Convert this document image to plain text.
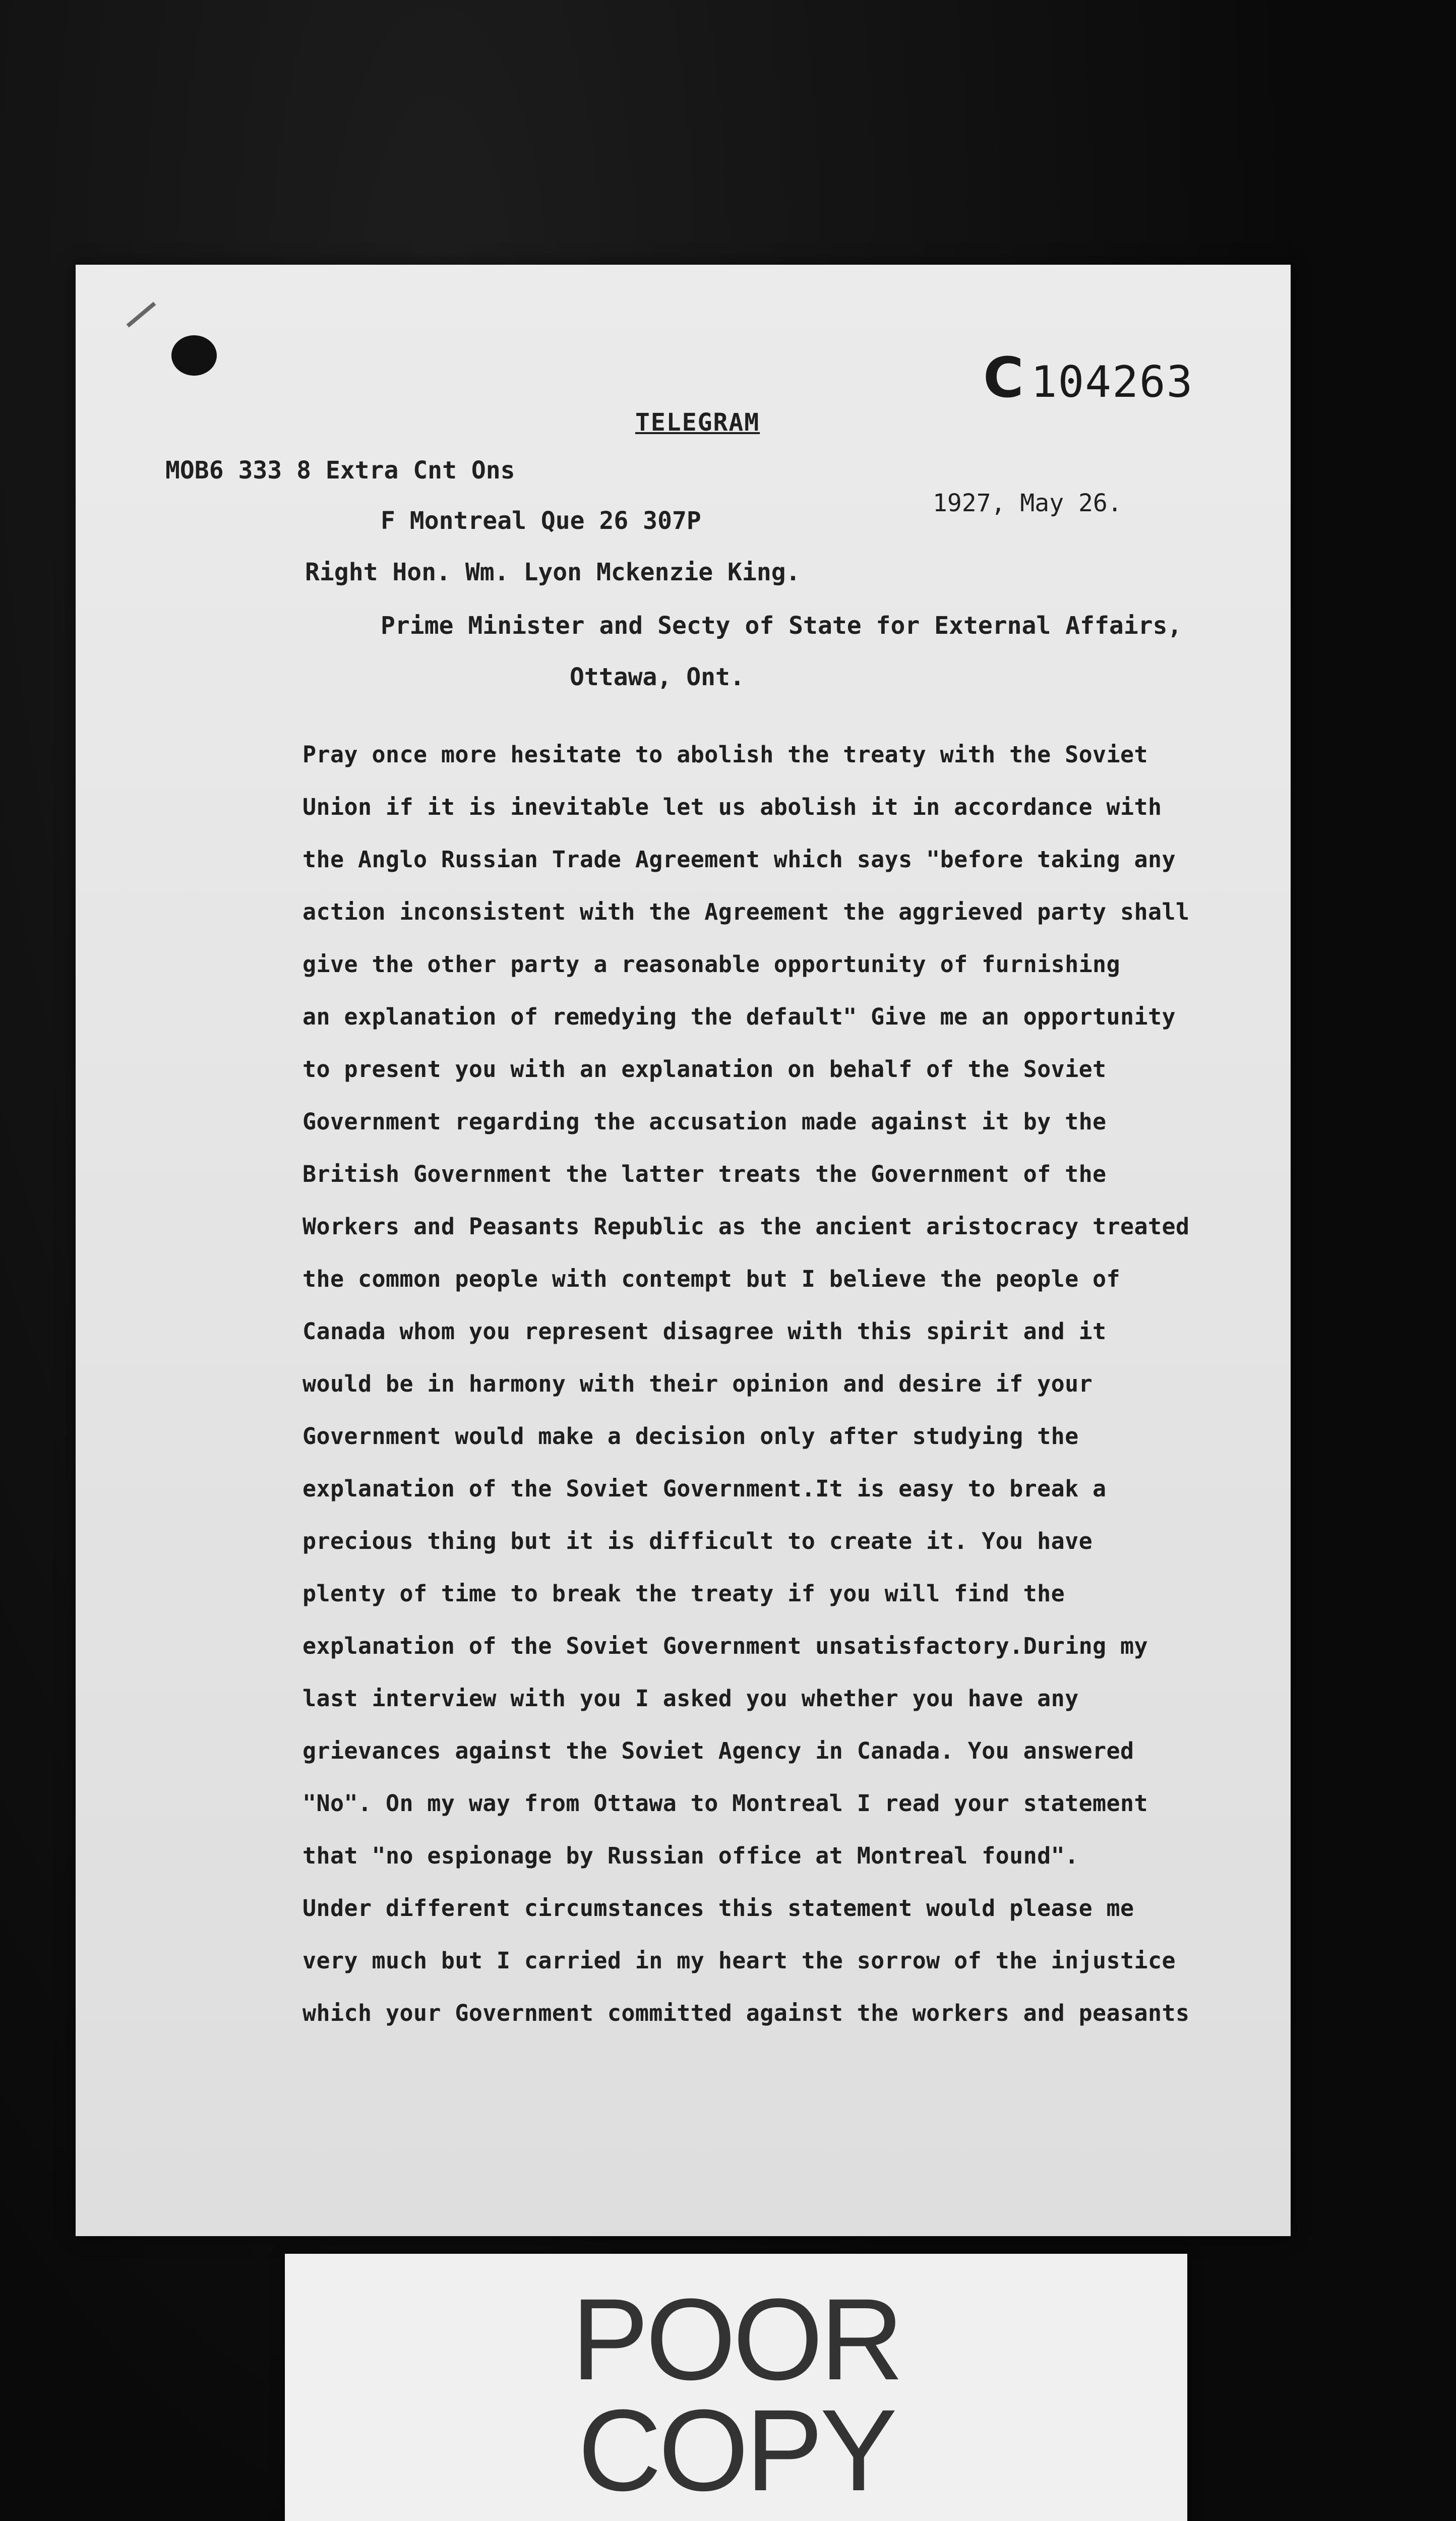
C 104263
TELEGRAM
MOB6 333 8 Extra Cnt Ons
1927, May 26.
F Montreal Que 26 307P
Right Hon. Wm. Lyon Mckenzie King.
Prime Minister and Secty of State for External Affairs,
Ottawa, Ont.
Pray once more hesitate to abolish the treaty with the Soviet
Union if it is inevitable let us abolish it in accordance with
the Anglo Russian Trade Agreement which says "before taking any
action inconsistent with the Agreement the aggrieved party shall
give the other party a reasonable opportunity of furnishing
an explanation of remedying the default" Give me an opportunity
to present you with an explanation on behalf of the Soviet
Government regarding the accusation made against it by the
British Government the latter treats the Government of the
Workers and Peasants Republic as the ancient aristocracy treated
the common people with contempt but I believe the people of
Canada whom you represent disagree with this spirit and it
would be in harmony with their opinion and desire if your
Government would make a decision only after studying the
explanation of the Soviet Government.It is easy to break a
precious thing but it is difficult to create it. You have
plenty of time to break the treaty if you will find the
explanation of the Soviet Government unsatisfactory.During my
last interview with you I asked you whether you have any
grievances against the Soviet Agency in Canada. You answered
"No". On my way from Ottawa to Montreal I read your statement
that "no espionage by Russian office at Montreal found".
Under different circumstances this statement would please me
very much but I carried in my heart the sorrow of the injustice
which your Government committed against the workers and peasants
POOR
COPY
